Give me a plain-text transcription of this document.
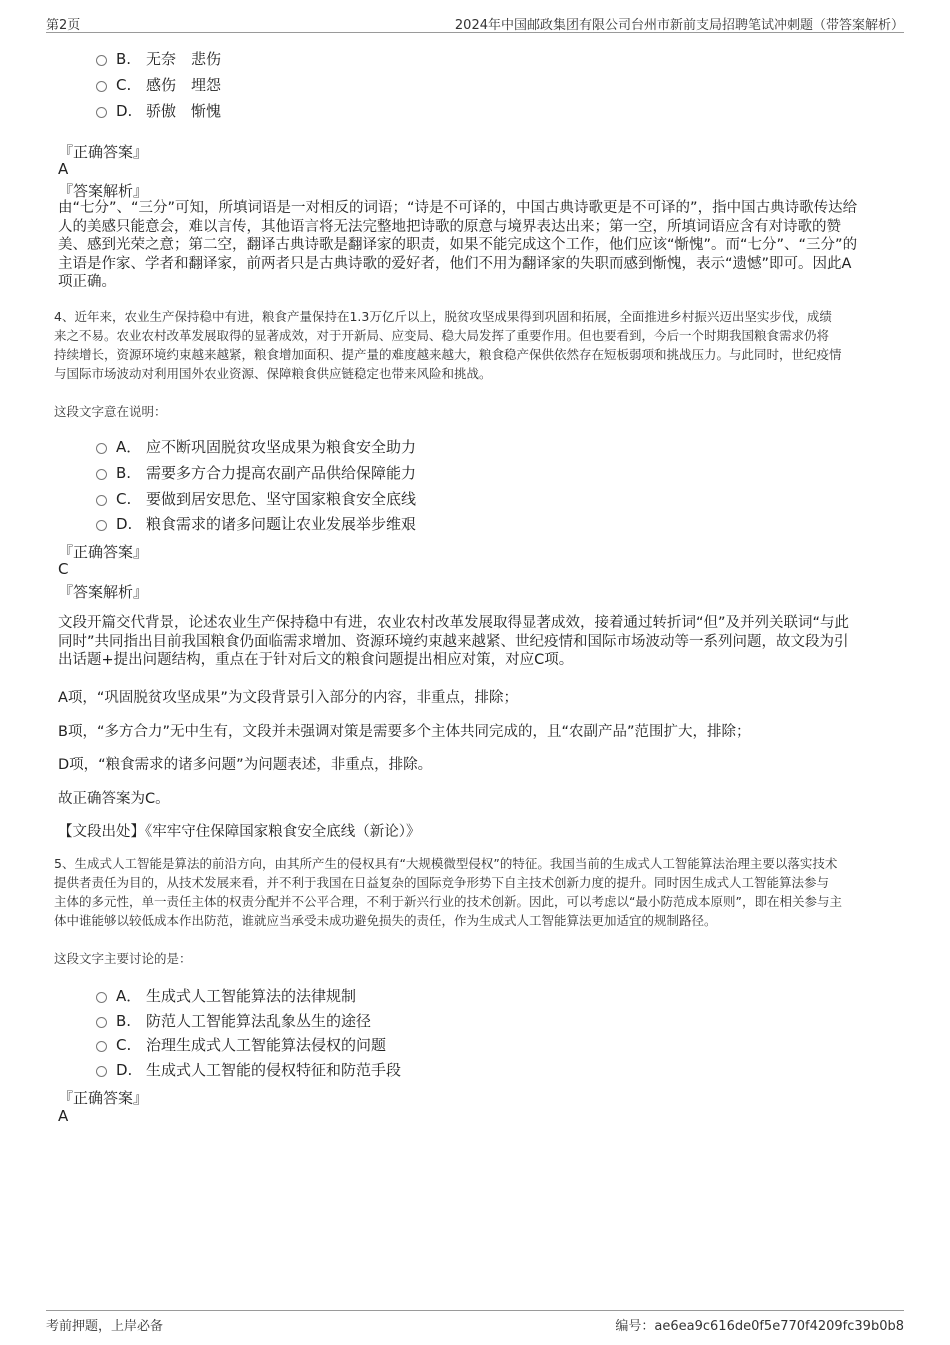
第2页	2024年中国邮政集团有限公司台州市新前支局招聘笔试冲刺题（带答案解析）
B. 无奈　悲伤
C. 感伤　埋怨
D. 骄傲　惭愧
『正确答案』
A
『答案解析』
由“七分”、“三分”可知，所填词语是一对相反的词语；“诗是不可译的，中国古典诗歌更是不可译的”，指中国古典诗歌传达给
人的美感只能意会，难以言传，其他语言将无法完整地把诗歌的原意与境界表达出来；第一空，所填词语应含有对诗歌的赞
美、感到光荣之意；第二空，翻译古典诗歌是翻译家的职责，如果不能完成这个工作，他们应该“惭愧”。而“七分”、“三分”的
主语是作家、学者和翻译家，前两者只是古典诗歌的爱好者，他们不用为翻译家的失职而感到惭愧，表示“遗憾”即可。因此A
项正确。
4、近年来，农业生产保持稳中有进，粮食产量保持在1.3万亿斤以上，脱贫攻坚成果得到巩固和拓展，全面推进乡村振兴迈出坚实步伐，成绩
来之不易。农业农村改革发展取得的显著成效，对于开新局、应变局、稳大局发挥了重要作用。但也要看到，今后一个时期我国粮食需求仍将
持续增长，资源环境约束越来越紧，粮食增加面积、提产量的难度越来越大，粮食稳产保供依然存在短板弱项和挑战压力。与此同时，世纪疫情
与国际市场波动对利用国外农业资源、保障粮食供应链稳定也带来风险和挑战。
这段文字意在说明：
A． 应不断巩固脱贫攻坚成果为粮食安全助力
B. 需要多方合力提高农副产品供给保障能力
C. 要做到居安思危、坚守国家粮食安全底线
D. 粮食需求的诸多问题让农业发展举步维艰
『正确答案』
C
『答案解析』
文段开篇交代背景，论述农业生产保持稳中有进，农业农村改革发展取得显著成效，接着通过转折词“但”及并列关联词“与此
同时”共同指出目前我国粮食仍面临需求增加、资源环境约束越来越紧、世纪疫情和国际市场波动等一系列问题，故文段为引
出话题+提出问题结构，重点在于针对后文的粮食问题提出相应对策，对应C项。
A项，“巩固脱贫攻坚成果”为文段背景引入部分的内容，非重点，排除；
B项，“多方合力”无中生有，文段并未强调对策是需要多个主体共同完成的，且“农副产品”范围扩大，排除；
D项，“粮食需求的诸多问题”为问题表述，非重点，排除。
故正确答案为C。
【文段出处】《牢牢守住保障国家粮食安全底线（新论）》
5、生成式人工智能是算法的前沿方向，由其所产生的侵权具有“大规模微型侵权”的特征。我国当前的生成式人工智能算法治理主要以落实技术
提供者责任为目的，从技术发展来看，并不利于我国在日益复杂的国际竞争形势下自主技术创新力度的提升。同时因生成式人工智能算法参与
主体的多元性，单一责任主体的权责分配并不公平合理，不利于新兴行业的技术创新。因此，可以考虑以“最小防范成本原则”，即在相关参与主
体中谁能够以较低成本作出防范，谁就应当承受未成功避免损失的责任，作为生成式人工智能算法更加适宜的规制路径。
这段文字主要讨论的是：
A． 生成式人工智能算法的法律规制
B. 防范人工智能算法乱象丛生的途径
C. 治理生成式人工智能算法侵权的问题
D. 生成式人工智能的侵权特征和防范手段
『正确答案』
A
考前押题，上岸必备	编号：ae6ea9c616de0f5e770f4209fc39b0b8
